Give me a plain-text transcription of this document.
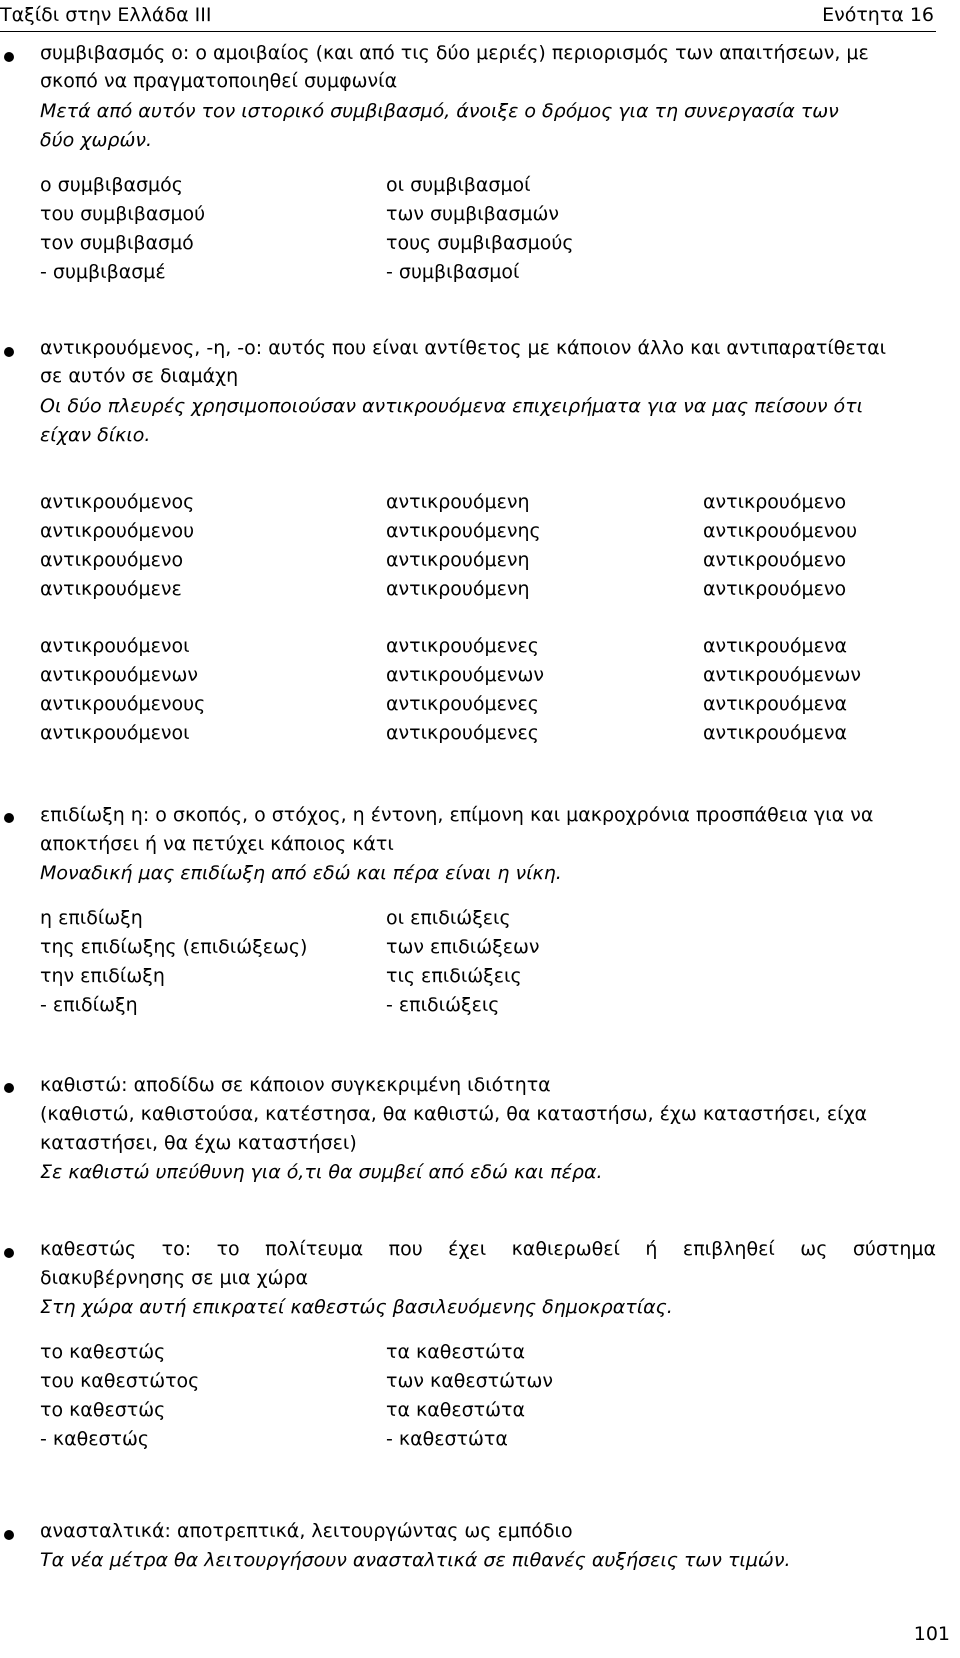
Ταξίδι στην Ελλάδα ΙΙΙ	Ενότητα 16
συμβιβασμός ο: ο αμοιβαίος (και από τις δύο μεριές) περιορισμός των απαιτήσεων, με
σκοπό να πραγματοποιηθεί συμφωνία
Μετά από αυτόν τον ιστορικό συμβιβασμό, άνοιξε ο δρόμος για τη συνεργασία των
δύο χωρών.
ο συμβιβασμός	οι συμβιβασμοί
του συμβιβασμού	των συμβιβασμών
τον συμβιβασμό	τους συμβιβασμούς
- συμβιβασμέ	- συμβιβασμοί
αντικρουόμενος, -η, -ο: αυτός που είναι αντίθετος με κάποιον άλλο και αντιπαρατίθεται
σε αυτόν σε διαμάχη
Οι δύο πλευρές χρησιμοποιούσαν αντικρουόμενα επιχειρήματα για να μας πείσουν ότι
είχαν δίκιο.
αντικρουόμενος	αντικρουόμενη	αντικρουόμενο
αντικρουόμενου	αντικρουόμενης	αντικρουόμενου
αντικρουόμενο	αντικρουόμενη	αντικρουόμενο
αντικρουόμενε	αντικρουόμενη	αντικρουόμενο
αντικρουόμενοι	αντικρουόμενες	αντικρουόμενα
αντικρουόμενων	αντικρουόμενων	αντικρουόμενων
αντικρουόμενους	αντικρουόμενες	αντικρουόμενα
αντικρουόμενοι	αντικρουόμενες	αντικρουόμενα
επιδίωξη η: ο σκοπός, ο στόχος, η έντονη, επίμονη και μακροχρόνια προσπάθεια για να
αποκτήσει ή να πετύχει κάποιος κάτι
Μοναδική μας επιδίωξη από εδώ και πέρα είναι η νίκη.
η επιδίωξη	οι επιδιώξεις
της επιδίωξης (επιδιώξεως)	των επιδιώξεων
την επιδίωξη	τις επιδιώξεις
- επιδίωξη	- επιδιώξεις
καθιστώ: αποδίδω σε κάποιον συγκεκριμένη ιδιότητα
(καθιστώ, καθιστούσα, κατέστησα, θα καθιστώ, θα καταστήσω, έχω καταστήσει, είχα
καταστήσει, θα έχω καταστήσει)
Σε καθιστώ υπεύθυνη για ό,τι θα συμβεί από εδώ και πέρα.
καθεστώς το: το πολίτευμα που έχει καθιερωθεί ή επιβληθεί ως σύστημα
διακυβέρνησης σε μια χώρα
Στη χώρα αυτή επικρατεί καθεστώς βασιλευόμενης δημοκρατίας.
το καθεστώς	τα καθεστώτα
του καθεστώτος	των καθεστώτων
το καθεστώς	τα καθεστώτα
- καθεστώς	- καθεστώτα
ανασταλτικά: αποτρεπτικά, λειτουργώντας ως εμπόδιο
Τα νέα μέτρα θα λειτουργήσουν ανασταλτικά σε πιθανές αυξήσεις των τιμών.
101
